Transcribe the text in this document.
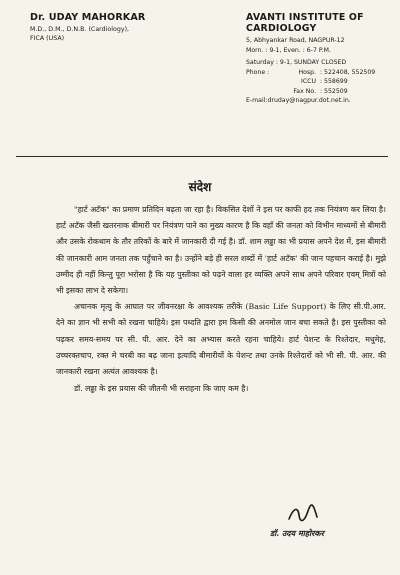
Dr. UDAY MAHORKAR
M.D., D.M., D.N.B. (Cardiology),
FICA (USA)
AVANTI INSTITUTE OF
CARDIOLOGY
5, Abhyankar Road, NAGPUR-12
Morn. : 9-1, Even. : 6-7 P.M.
Saturday : 9-1, SUNDAY CLOSED
Phone :	Hosp. : 522408, 552509
ICCU : 558699
Fax No. : 552509
E-mail:druday@nagpur.dot.net.in.
संदेश

"हार्ट अटॅक" का प्रमाण प्रतिदिन बढ़ता जा रहा है। विकसित देशों ने इस पर काफी हद तक नियंत्रण कर लिया है। हार्ट अटॅक जैसी खतरनाक बीमारी पर नियंत्रण पाने का मुख्य कारण है कि वहाँ की जनता को विभीन माध्यमों से बीमारी और उसके रोकथाम के तौर तरिकों के बारे में जानकारी दी गई है। डॉ. शाम लढ्ढा का भी प्रयास अपने देश में, इस बीमारी की जानकारी आम जनता तक पहुँचाने का है। उन्होंने बड़े ही सरल शब्दों में 'हार्ट अटॅक' की जान पहचान कराई है। मुझे उम्मीद ही नहीं किन्तु पूरा भरोसा है कि यह पुस्तीका को पढ़ने वाला हर व्यक्ति अपने साथ अपने परिवार एवम् मित्रों को भी इसका लाभ दे सकेगा।

अचानक मृत्यु के आघात पर जीवनरक्षा के आवश्यक तरीके (Basic Life Support) के लिए सी.पी.आर. देने का ज्ञान भी सभी को रखना चाहिये। इस पध्दति द्वारा हम किसी की अनमोल जान बचा सकते है। इस पुस्तीका को पढ़कर समय-समय पर सी. पी. आर. देने का अभ्यास करते रहना चाहिये। हार्ट पेशन्ट के रिश्तेदार, मधुमेह, उच्चरक्तचाप, रक्त मे चरबी का बढ़ जाना इत्यादि बीमारीयों के पेशन्ट तथा उनके रिश्तेदारों को भी सी. पी. आर. की जानकारी रखना अत्यंत आवश्यक है।

डॉ. लढ्ढा के इस प्रयास की जीतनी भी सराहना कि जाए कम है।

डॉ. उदय माहोरकर
